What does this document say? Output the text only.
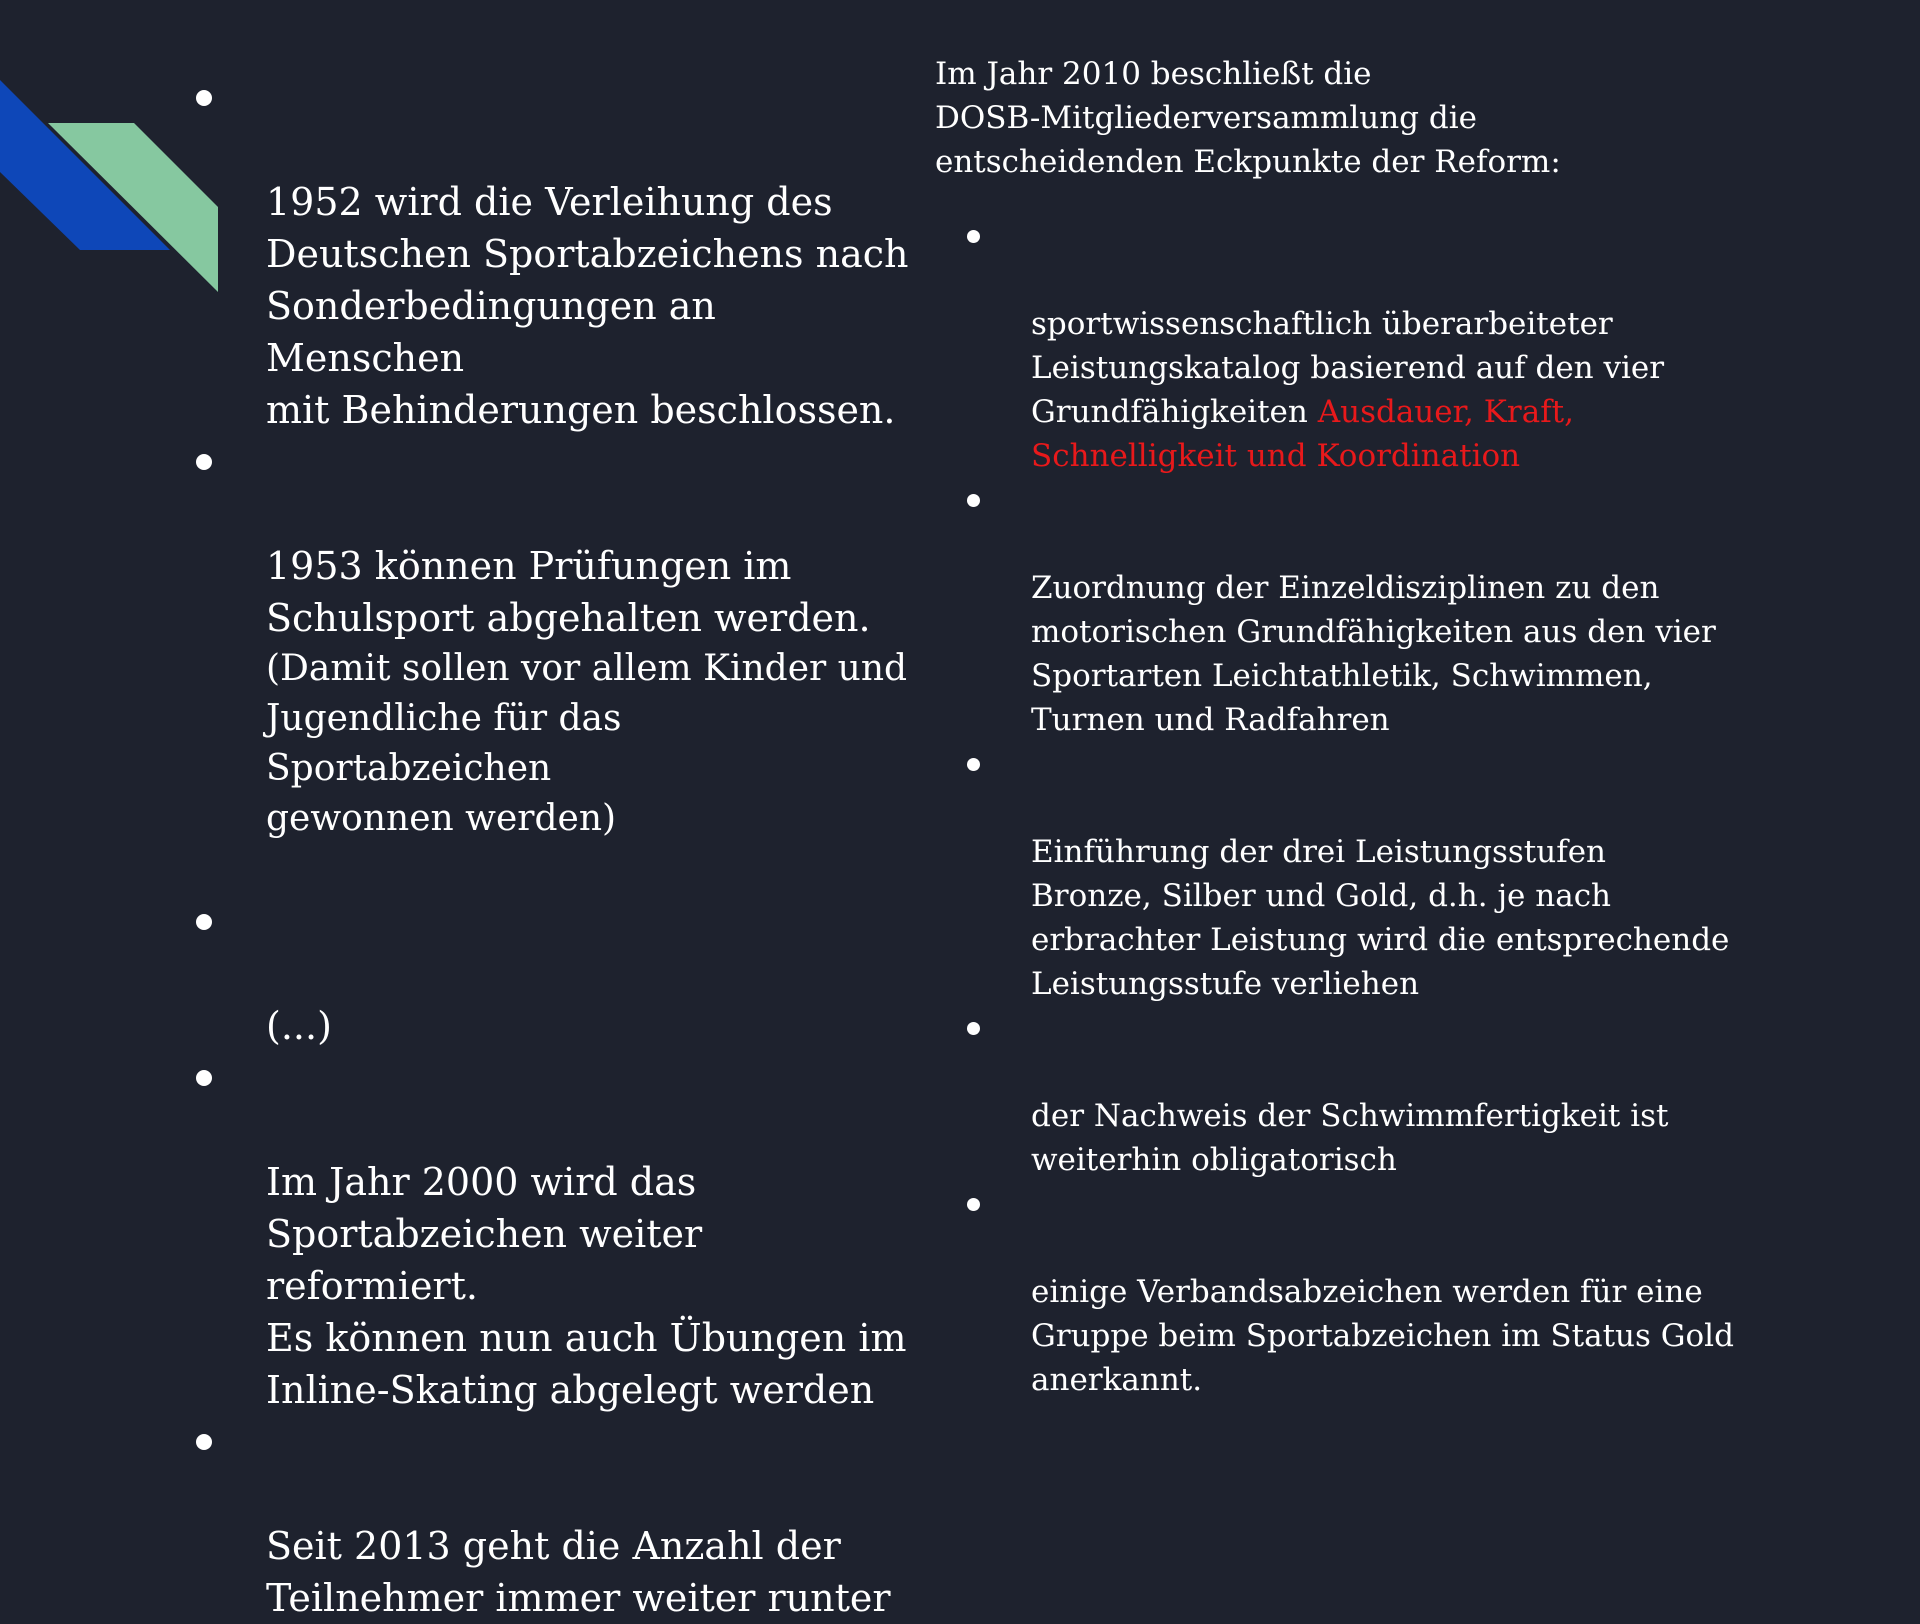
1952 wird die Verleihung des
Deutschen Sportabzeichens nach
Sonderbedingungen an Menschen
mit Behinderungen beschlossen.

1953 können Prüfungen im
Schulsport abgehalten werden.

(Damit sollen vor allem Kinder und
Jugendliche für das Sportabzeichen
gewonnen werden)

(...)

Im Jahr 2000 wird das
Sportabzeichen weiter reformiert.
Es können nun auch Übungen im
Inline-Skating abgelegt werden

Seit 2013 geht die Anzahl der
Teilnehmer immer weiter runter

Im Jahr 2010 beschließt die
DOSB-Mitgliederversammlung die
entscheidenden Eckpunkte der Reform:

sportwissenschaftlich überarbeiteter
Leistungskatalog basierend auf den vier
Grundfähigkeiten Ausdauer, Kraft,
Schnelligkeit und Koordination

Zuordnung der Einzeldisziplinen zu den
motorischen Grundfähigkeiten aus den vier
Sportarten Leichtathletik, Schwimmen,
Turnen und Radfahren

Einführung der drei Leistungsstufen
Bronze, Silber und Gold, d.h. je nach
erbrachter Leistung wird die entsprechende
Leistungsstufe verliehen

der Nachweis der Schwimmfertigkeit ist
weiterhin obligatorisch

einige Verbandsabzeichen werden für eine
Gruppe beim Sportabzeichen im Status Gold
anerkannt.
